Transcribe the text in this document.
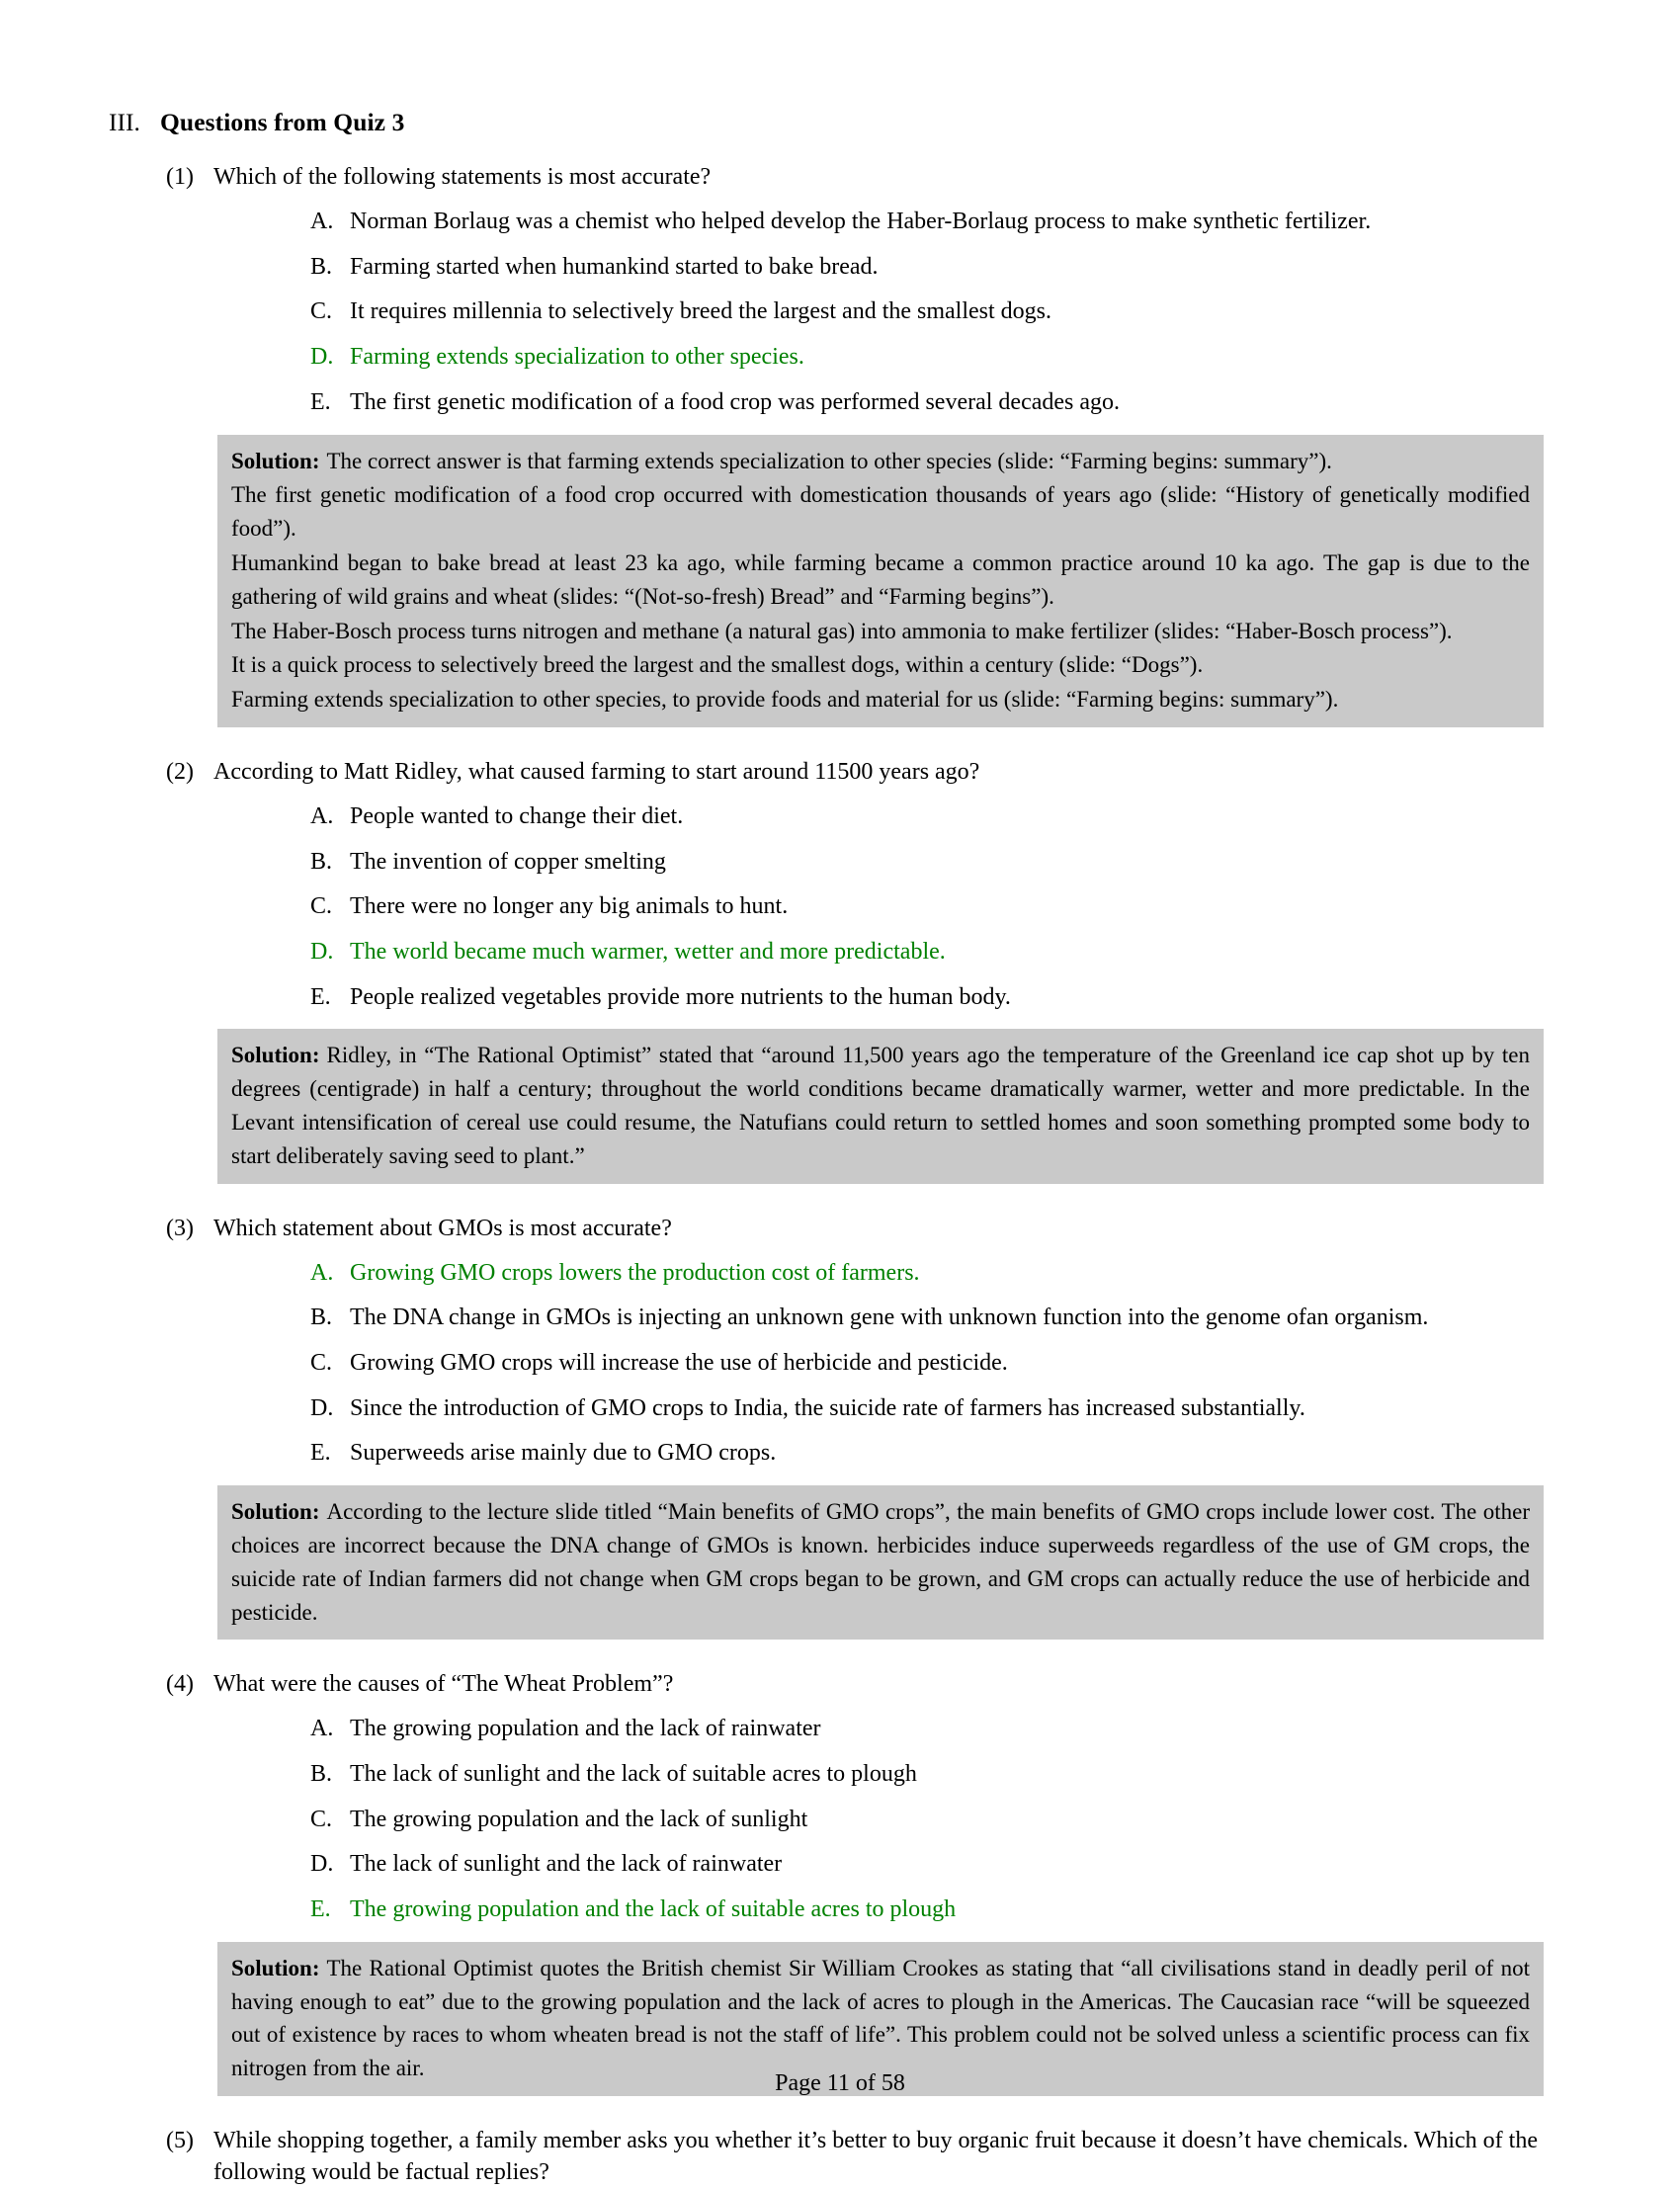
III. Questions from Quiz 3
(1) Which of the following statements is most accurate?
A. Norman Borlaug was a chemist who helped develop the Haber-Borlaug process to make synthetic fertilizer.
B. Farming started when humankind started to bake bread.
C. It requires millennia to selectively breed the largest and the smallest dogs.
D. Farming extends specialization to other species.
E. The first genetic modification of a food crop was performed several decades ago.

Solution: The correct answer is that farming extends specialization to other species (slide: “Farming begins: summary”).

The first genetic modification of a food crop occurred with domestication thousands of years ago (slide: “History of genetically modified food”).

Humankind began to bake bread at least 23 ka ago, while farming became a common practice around 10 ka ago. The gap is due to the gathering of wild grains and wheat (slides: “(Not-so-fresh) Bread” and “Farming begins”).

The Haber-Bosch process turns nitrogen and methane (a natural gas) into ammonia to make fertilizer (slides: “Haber-Bosch process”).

It is a quick process to selectively breed the largest and the smallest dogs, within a century (slide: “Dogs”).

Farming extends specialization to other species, to provide foods and material for us (slide: “Farming begins: summary”).

(2) According to Matt Ridley, what caused farming to start around 11500 years ago?
A. People wanted to change their diet.
B. The invention of copper smelting
C. There were no longer any big animals to hunt.
D. The world became much warmer, wetter and more predictable.
E. People realized vegetables provide more nutrients to the human body.

Solution: Ridley, in “The Rational Optimist” stated that “around 11,500 years ago the temperature of the Greenland ice cap shot up by ten degrees (centigrade) in half a century; throughout the world conditions became dramatically warmer, wetter and more predictable. In the Levant intensification of cereal use could resume, the Natufians could return to settled homes and soon something prompted some body to start deliberately saving seed to plant.”

(3) Which statement about GMOs is most accurate?
A. Growing GMO crops lowers the production cost of farmers.
B. The DNA change in GMOs is injecting an unknown gene with unknown function into the genome ofan organism.
C. Growing GMO crops will increase the use of herbicide and pesticide.
D. Since the introduction of GMO crops to India, the suicide rate of farmers has increased substantially.
E. Superweeds arise mainly due to GMO crops.

Solution: According to the lecture slide titled “Main benefits of GMO crops”, the main benefits of GMO crops include lower cost. The other choices are incorrect because the DNA change of GMOs is known. herbicides induce superweeds regardless of the use of GM crops, the suicide rate of Indian farmers did not change when GM crops began to be grown, and GM crops can actually reduce the use of herbicide and pesticide.

(4) What were the causes of “The Wheat Problem”?
A. The growing population and the lack of rainwater
B. The lack of sunlight and the lack of suitable acres to plough
C. The growing population and the lack of sunlight
D. The lack of sunlight and the lack of rainwater
E. The growing population and the lack of suitable acres to plough

Solution: The Rational Optimist quotes the British chemist Sir William Crookes as stating that “all civilisations stand in deadly peril of not having enough to eat” due to the growing population and the lack of acres to plough in the Americas. The Caucasian race “will be squeezed out of existence by races to whom wheaten bread is not the staff of life”. This problem could not be solved unless a scientific process can fix nitrogen from the air.

(5) While shopping together, a family member asks you whether it’s better to buy organic fruit because it doesn’t have chemicals. Which of the following would be factual replies?
Page 11 of 58
